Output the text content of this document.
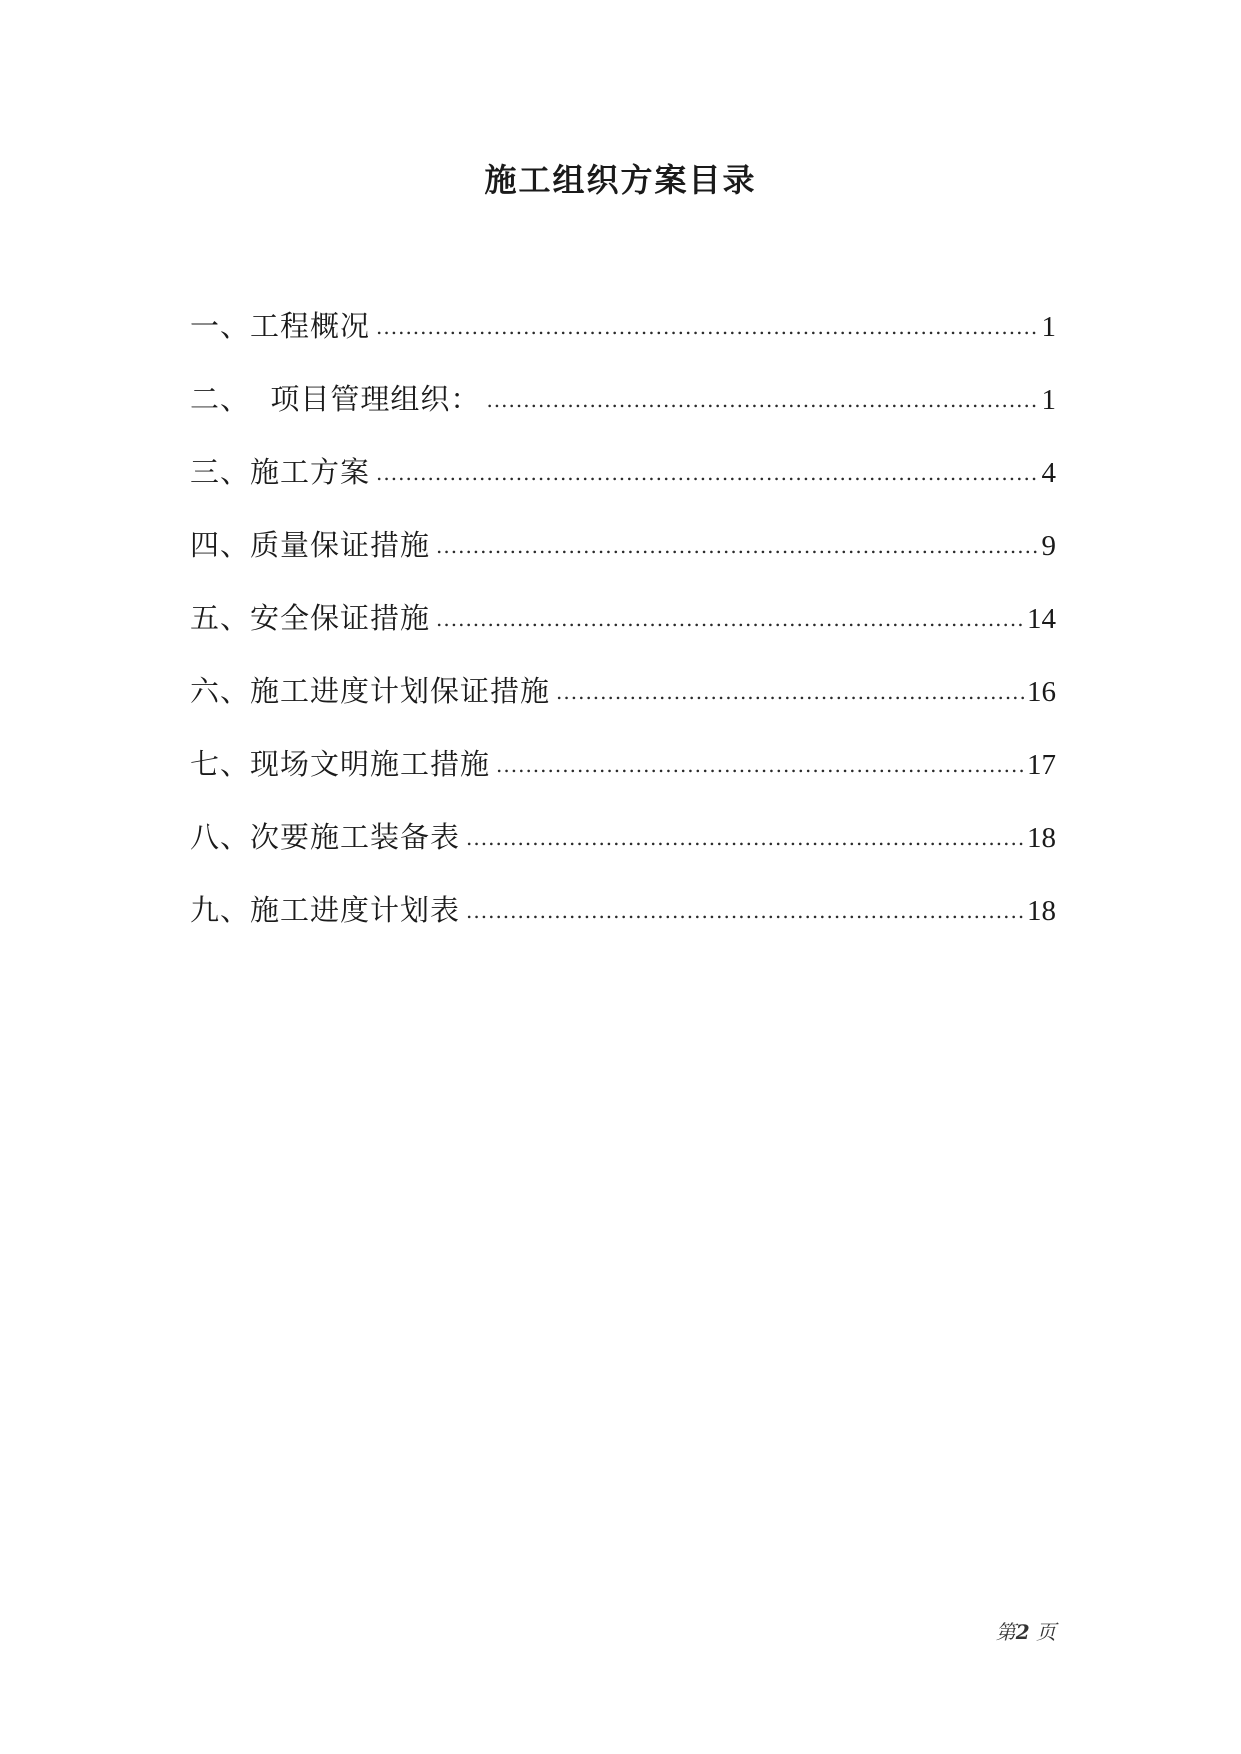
施工组织方案目录
一、工程概况 .....	1
二、  项目管理组织： .....	1
三、施工方案 .....	4
四、质量保证措施 .....	9
五、安全保证措施 .....	14
六、施工进度计划保证措施 .....	16
七、现场文明施工措施 .....	17
八、次要施工装备表 .....	18
九、施工进度计划表 .....	18
第2 页
